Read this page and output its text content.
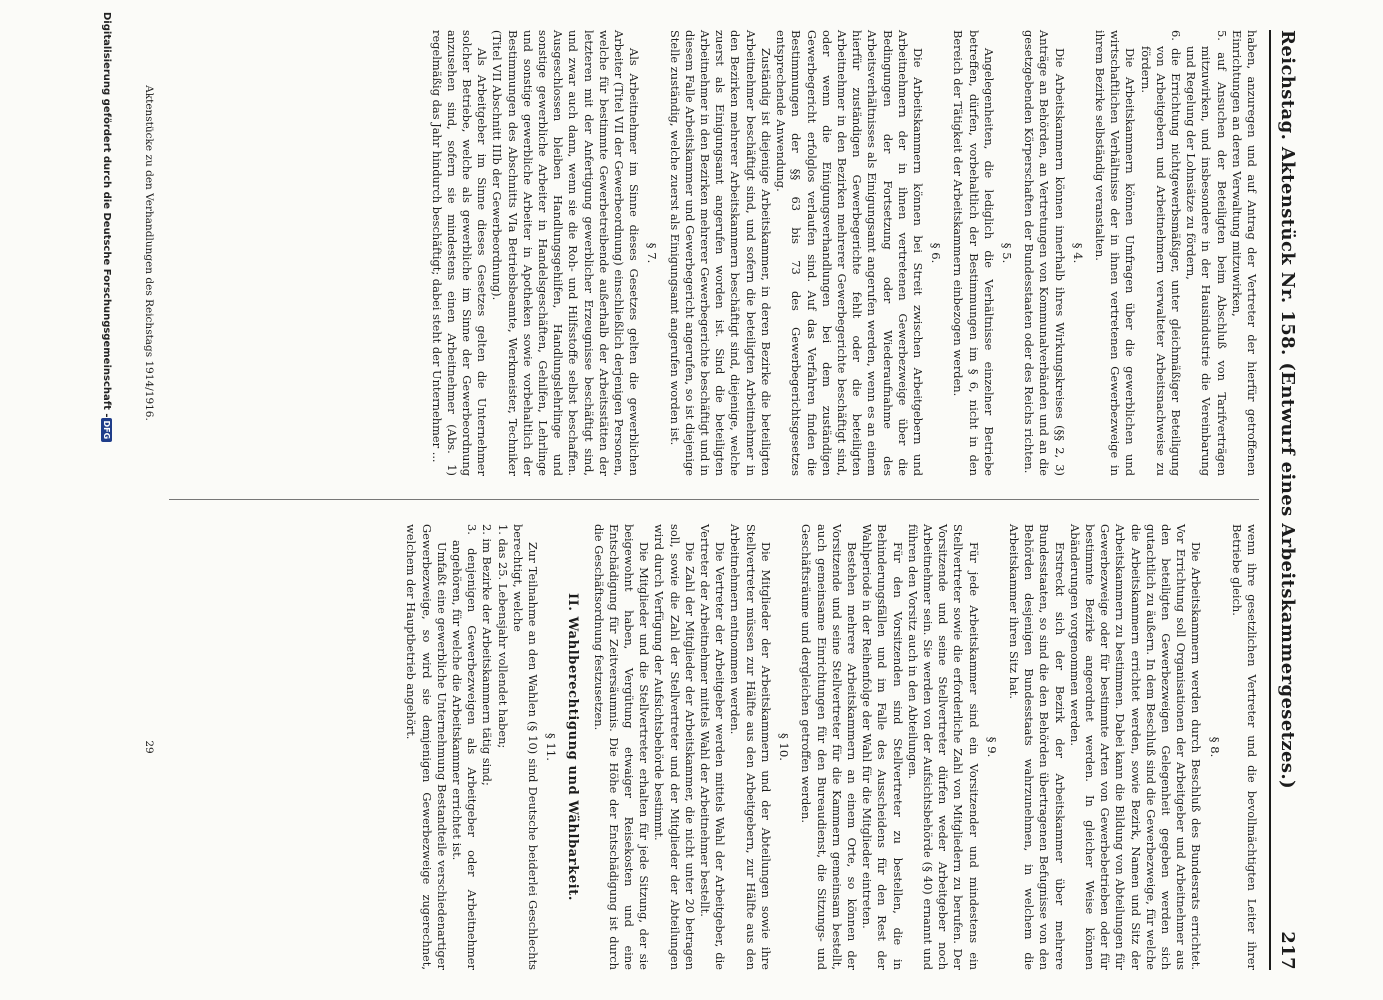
Reichstag. Aktenstück Nr. 158. (Entwurf eines Arbeitskammergesetzes.)
217

haben, anzuregen und auf Antrag der Vertreter der hierfür getroffenen Einrichtungen an deren Verwaltung mitzuwirken,

5. auf Ansuchen der Beteiligten beim Abschluß von Tarifverträgen mitzuwirken, und insbesondere in der Hausindustrie die Vereinbarung und Regelung der Lohnsätze zu fördern,

6. die Errichtung nichtgewerbsmäßiger, unter gleichmäßiger Beteiligung von Arbeitgebern und Arbeitnehmern verwalteter Arbeitsnachweise zu fördern.

Die Arbeitskammern können Umfragen über die gewerblichen und wirtschaftlichen Verhältnisse der in ihnen vertretenen Gewerbezweige in ihrem Bezirke selbständig veranstalten.

§ 4.

Die Arbeitskammern können innerhalb ihres Wirkungskreises (§§ 2, 3) Anträge an Behörden, an Vertretungen von Kommunalverbänden und an die gesetzgebenden Körperschaften der Bundesstaaten oder des Reichs richten.

§ 5.

Angelegenheiten, die lediglich die Verhältnisse einzelner Betriebe betreffen, dürfen, vorbehaltlich der Bestimmungen im § 6, nicht in den Bereich der Tätigkeit der Arbeitskammern einbezogen werden.

§ 6.

Die Arbeitskammern können bei Streit zwischen Arbeitgebern und Arbeitnehmern der in ihnen vertretenen Gewerbezweige über die Bedingungen der Fortsetzung oder Wiederaufnahme des Arbeitsverhältnisses als Einigungsamt angerufen werden, wenn es an einem hierfür zuständigen Gewerbegerichte fehlt oder die beteiligten Arbeitnehmer in den Bezirken mehrerer Gewerbegerichte beschäftigt sind, oder wenn die Einigungsverhandlungen bei dem zuständigen Gewerbegericht erfolglos verlaufen sind. Auf das Verfahren finden die Bestimmungen der §§ 63 bis 73 des Gewerbegerichtsgesetzes entsprechende Anwendung.

Zuständig ist diejenige Arbeitskammer, in deren Bezirke die beteiligten Arbeitnehmer beschäftigt sind, und sofern die beteiligten Arbeitnehmer in den Bezirken mehrerer Arbeitskammern beschäftigt sind, diejenige, welche zuerst als Einigungsamt angerufen worden ist. Sind die beteiligten Arbeitnehmer in den Bezirken mehrerer Gewerbegerichte beschäftigt und in diesem Falle Arbeitskammer und Gewerbegericht angerufen, so ist diejenige Stelle zuständig, welche zuerst als Einigungsamt angerufen worden ist.

§ 7.

Als Arbeitnehmer im Sinne dieses Gesetzes gelten die gewerblichen Arbeiter (Titel VII der Gewerbeordnung) einschließlich derjenigen Personen, welche für bestimmte Gewerbetreibende außerhalb der Arbeitsstätten der letzteren mit der Anfertigung gewerblicher Erzeugnisse beschäftigt sind, und zwar auch dann, wenn sie die Roh- und Hilfsstoffe selbst beschaffen. Ausgeschlossen bleiben Handlungsgehilfen, Handlungslehrlinge und sonstige gewerbliche Arbeiter in Handelsgeschäften, Gehilfen, Lehrlinge und sonstige gewerbliche Arbeiter in Apotheken sowie vorbehaltlich der Bestimmungen des Abschnitts VIa Betriebsbeamte, Werkmeister, Techniker (Titel VII Abschnitt IIIb der Gewerbeordnung).

Als Arbeitgeber im Sinne dieses Gesetzes gelten die Unternehmer solcher Betriebe, welche als gewerbliche im Sinne der Gewerbeordnung anzusehen sind, sofern sie mindestens einen Arbeitnehmer (Abs. 1) regelmäßig das Jahr hindurch beschäftigt; dabei steht der Unternehmer ...

wenn ihre gesetzlichen Vertreter und die bevollmächtigten Leiter ihrer Betriebe gleich.

§ 8.

Die Arbeitskammern werden durch Beschluß des Bundesrats errichtet. Vor Errichtung soll Organisationen der Arbeitgeber und Arbeitnehmer aus den beteiligten Gewerbezweigen Gelegenheit gegeben werden sich gutachtlich zu äußern. In dem Beschluß sind die Gewerbezweige, für welche die Arbeitskammern errichtet werden, sowie Bezirk, Namen und Sitz der Arbeitskammern zu bestimmen. Dabei kann die Bildung von Abteilungen für Gewerbezweige oder für bestimmte Arten von Gewerbebetrieben oder für bestimmte Bezirke angeordnet werden. In gleicher Weise können Abänderungen vorgenommen werden.

Erstreckt sich der Bezirk der Arbeitskammer über mehrere Bundesstaaten, so sind die den Behörden übertragenen Befugnisse von den Behörden desjenigen Bundesstaats wahrzunehmen, in welchem die Arbeitskammer ihren Sitz hat.

§ 9.

Für jede Arbeitskammer sind ein Vorsitzender und mindestens ein Stellvertreter sowie die erforderliche Zahl von Mitgliedern zu berufen. Der Vorsitzende und seine Stellvertreter dürfen weder Arbeitgeber noch Arbeitnehmer sein. Sie werden von der Aufsichtsbehörde (§ 40) ernannt und führen den Vorsitz auch in den Abteilungen.

Für den Vorsitzenden sind Stellvertreter zu bestellen, die in Behinderungsfällen und im Falle des Ausscheidens für den Rest der Wahlperiode in der Reihenfolge der Wahl für die Mitglieder eintreten.

Bestehen mehrere Arbeitskammern an einem Orte, so können der Vorsitzende und seine Stellvertreter für die Kammern gemeinsam bestellt, auch gemeinsame Einrichtungen für den Bureaudienst, die Sitzungs- und Geschäftsräume und dergleichen getroffen werden.

§ 10.

Die Mitglieder der Arbeitskammern und der Abteilungen sowie ihre Stellvertreter müssen zur Hälfte aus den Arbeitgebern, zur Hälfte aus den Arbeitnehmern entnommen werden.

Die Vertreter der Arbeitgeber werden mittels Wahl der Arbeitgeber, die Vertreter der Arbeitnehmer mittels Wahl der Arbeitnehmer bestellt.

Die Zahl der Mitglieder der Arbeitskammer, die nicht unter 20 betragen soll, sowie die Zahl der Stellvertreter und der Mitglieder der Abteilungen wird durch Verfügung der Aufsichtsbehörde bestimmt.

Die Mitglieder und die Stellvertreter erhalten für jede Sitzung, der sie beigewohnt haben, Vergütung etwaiger Reisekosten und eine Entschädigung für Zeitversäumnis. Die Höhe der Entschädigung ist durch die Geschäftsordnung festzusetzen.

II. Wahlberechtigung und Wählbarkeit.
§ 11.

Zur Teilnahme an den Wahlen (§ 10) sind Deutsche beiderlei Geschlechts berechtigt, welche

1. das 25. Lebensjahr vollendet haben;

2. im Bezirke der Arbeitskammern tätig sind;

3. denjenigen Gewerbezweigen als Arbeitgeber oder Arbeitnehmer angehören, für welche die Arbeitskammer errichtet ist.

Umfaßt eine gewerbliche Unternehmung Bestandteile verschiedenartiger Gewerbezweige, so wird sie demjenigen Gewerbezweige zugerechnet, welchem der Hauptbetrieb angehört.

Aktenstücke zu den Verhandlungen des Reichstags 1914/1916.
29
Digitalisierung gefördert durch die Deutsche Forschungsgemeinschaft -
DFG
